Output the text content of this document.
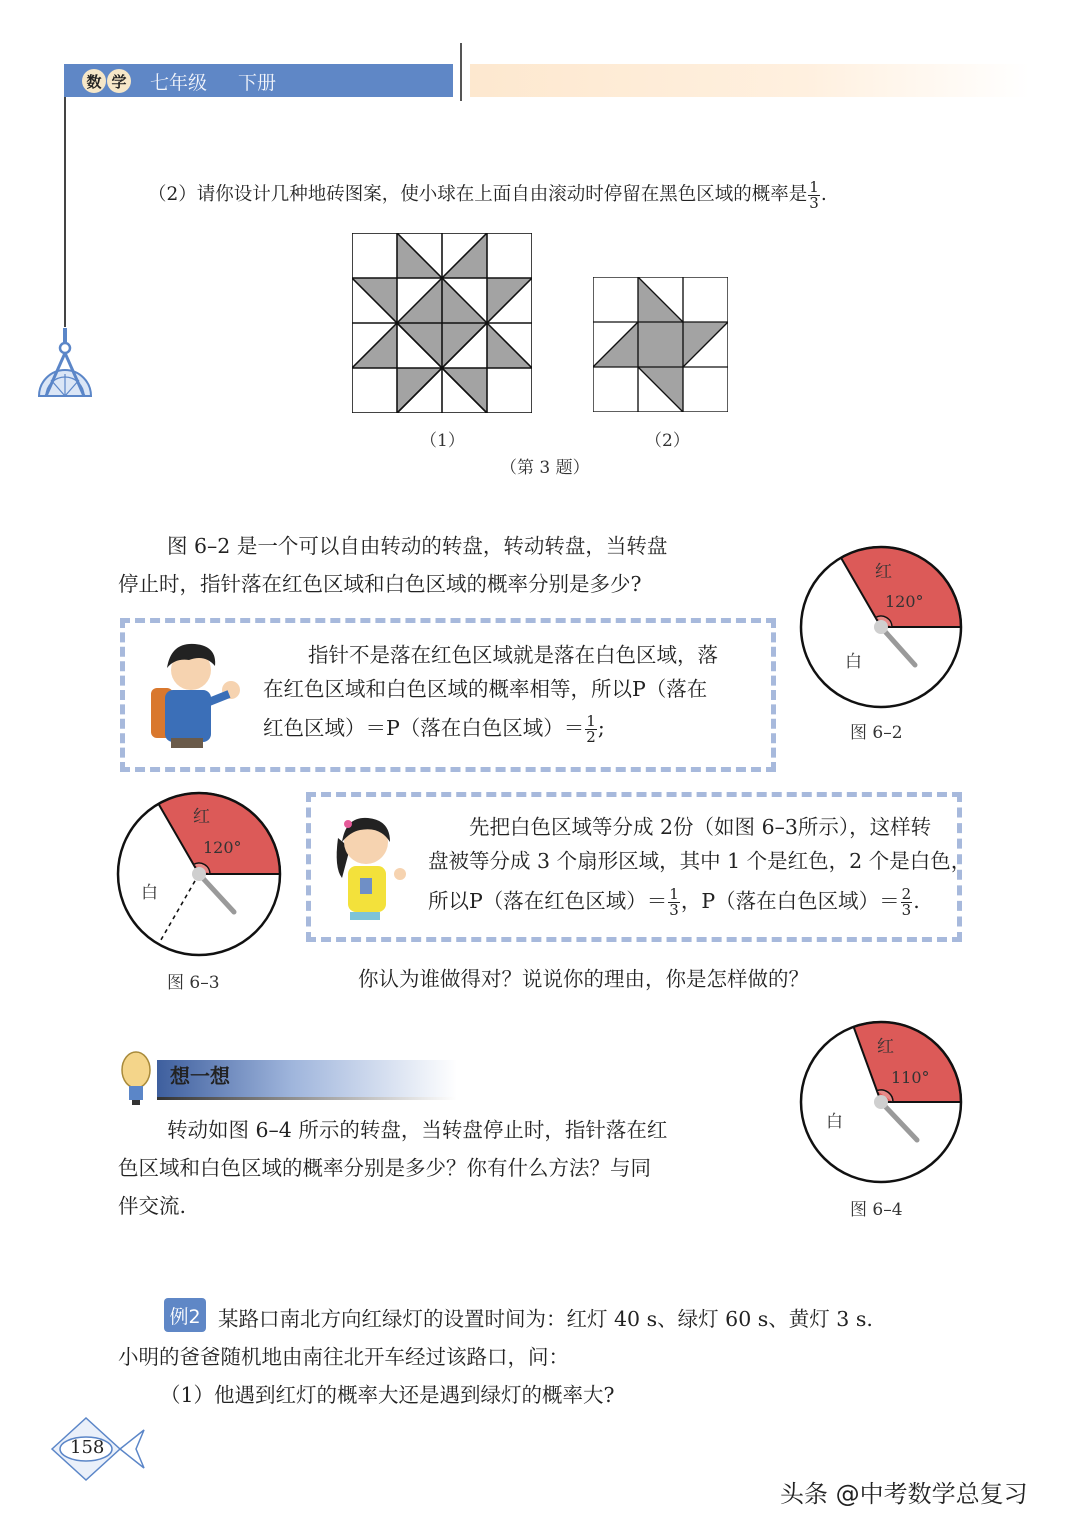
数 学 七年级 下册
（2）请你设计几种地砖图案，使小球在上面自由滚动时停留在黑色区域的概率是 $\frac{1}{3}$ .
（1）	（2）
（第 3 题）
图 6–2 是一个可以自由转动的转盘，转动转盘，当转盘
停止时，指针落在红色区域和白色区域的概率分别是多少?	红
120°
白
图 6–2
指针不是落在红色区域就是落在白色区域，落
在红色区域和白色区域的概率相等，所以P（落在
红色区域）＝P（落在白色区域）＝ $\frac{1}{2}$ ;
红
120°
白
图 6–3
先把白色区域等分成 2份（如图 6–3所示），这样转
盘被等分成 3 个扇形区域，其中 1 个是红色，2 个是白色，
所以P（落在红色区域）＝ $\frac{1}{3}$ ，P（落在白色区域）＝ $\frac{2}{3}$ .
你认为谁做得对？说说你的理由，你是怎样做的？
想一想
转动如图 6–4 所示的转盘，当转盘停止时，指针落在红
色区域和白色区域的概率分别是多少？你有什么方法？与同
伴交流.
红
110°
白
图 6–4
例2 某路口南北方向红绿灯的设置时间为：红灯 40 s、绿灯 60 s、黄灯 3 s.
小明的爸爸随机地由南往北开车经过该路口，问：
（1）他遇到红灯的概率大还是遇到绿灯的概率大?
158
头条 @中考数学总复习
